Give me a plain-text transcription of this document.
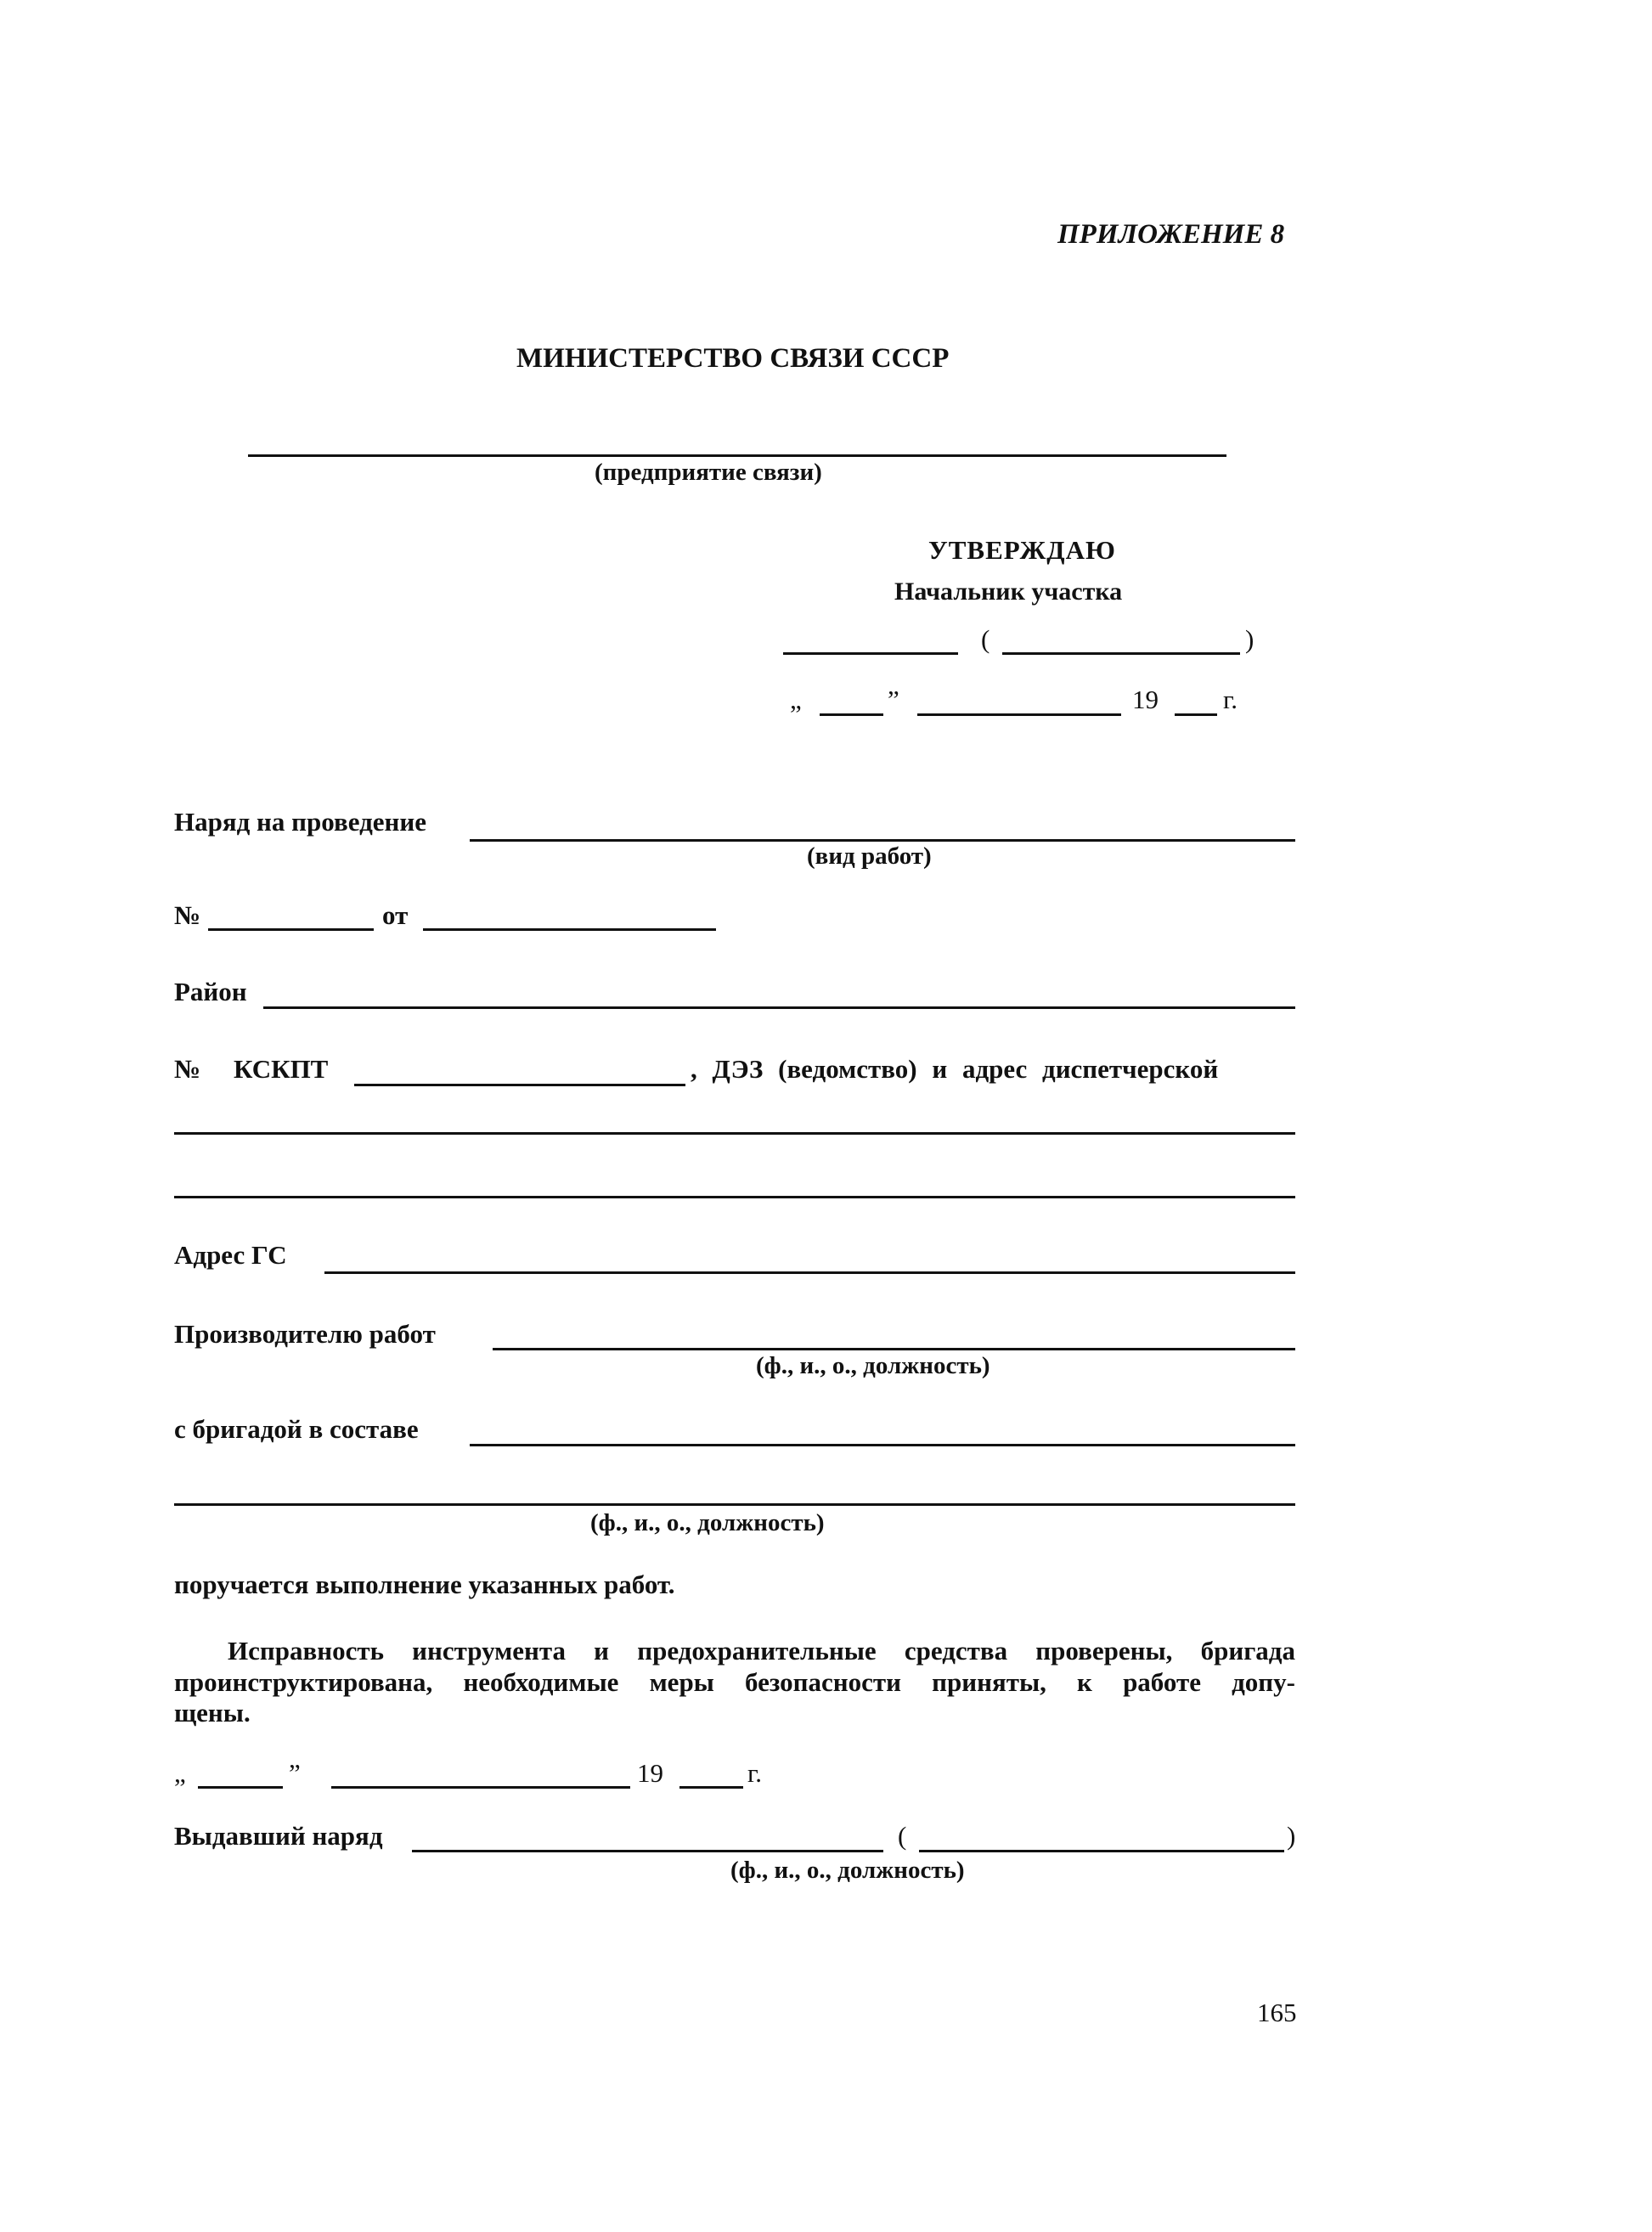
ПРИЛОЖЕНИЕ 8
МИНИСТЕРСТВО СВЯЗИ СССР
(предприятие связи)
УТВЕРЖДАЮ
Начальник участка
(	)
„	”	19 г.
Наряд на проведение
(вид работ)
№	от
Район
№ КСКПТ	, ДЭЗ (ведомство) и адрес диспетчерской
Адрес ГС
Производителю работ
(ф., и., о., должность)
с бригадой в составе
(ф., и., о., должность)
поручается выполнение указанных работ.
Исправность инструмента и предохранительные средства проверены, бригада проинструктирована, необходимые меры безопасности приняты, к работе допу-
щены.
„	”	19	г.
Выдавший наряд	(	)
(ф., и., о., должность)
165
